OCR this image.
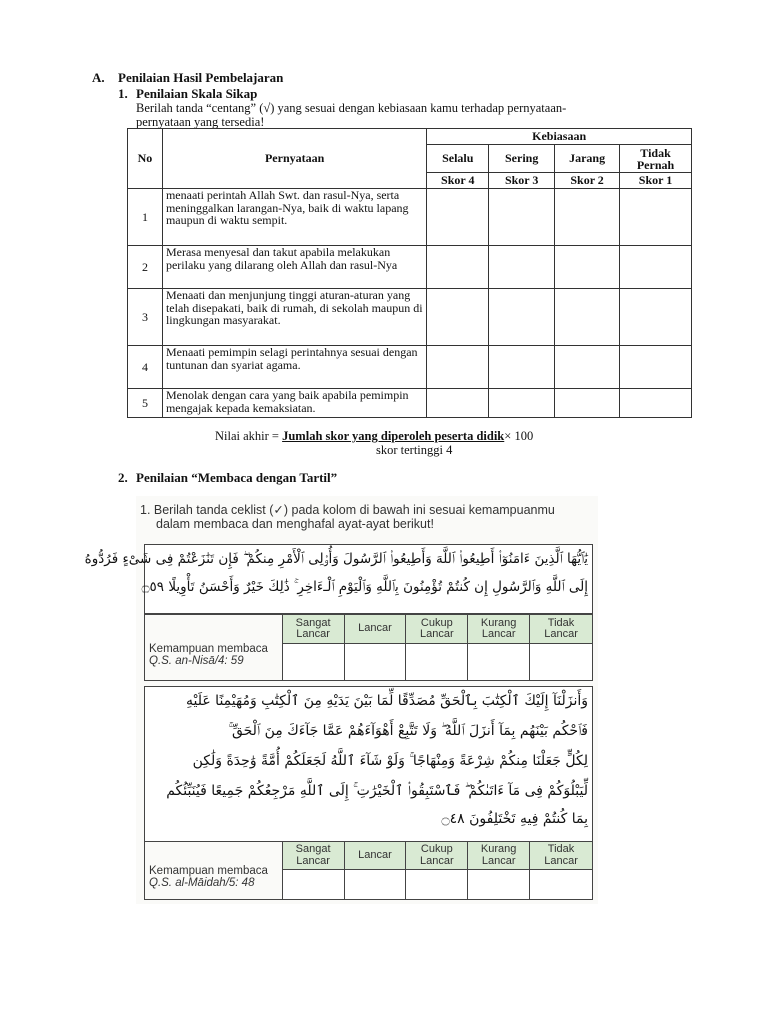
A. Penilaian Hasil Pembelajaran
1. Penilaian Skala Sikap
Berilah tanda “centang” (√) yang sesuai dengan kebiasaan kamu terhadap pernyataan-
pernyataan yang tersedia!
No	Pernyataan	Kebiasaan			
		Selalu	Sering	Jarang	Tidak Pernah
		Skor 4	Skor 3	Skor 2	Skor 1
1	menaati perintah Allah Swt. dan rasul-Nya, serta meninggalkan larangan-Nya, baik di waktu lapang maupun di waktu sempit.				
2	Merasa menyesal dan takut apabila melakukan perilaku yang dilarang oleh Allah dan rasul-Nya				
3	Menaati dan menjunjung tinggi aturan-aturan yang telah disepakati, baik di rumah, di sekolah maupun di lingkungan masyarakat.				
4	Menaati pemimpin selagi perintahnya sesuai dengan tuntunan dan syariat agama.				
5	Menolak dengan cara yang baik apabila pemimpin mengajak kepada kemaksiatan.				
Nilai akhir = Jumlah skor yang diperoleh peserta didik× 100
skor tertinggi 4
2. Penilaian “Membaca dengan Tartil”
1. Berilah tanda ceklist (✓) pada kolom di bawah ini sesuai kemampuanmu
dalam membaca dan menghafal ayat-ayat berikut!
يَٰٱيُّهَا ٱلَّذِينَ ءَامَنُوٓا۟ أَطِيعُوا۟ ٱللَّهَ وَأَطِيعُوا۟ ٱلرَّسُولَ وَأُو۟لِى ٱلْأَمْرِ مِنكُمْ ۖ فَإِن تَنَٰزَعْتُمْ فِى شَىْءٍ فَرُدُّوهُ
إِلَى ٱللَّهِ وَٱلرَّسُولِ إِن كُنتُمْ تُؤْمِنُونَ بِٱللَّهِ وَٱلْيَوْمِ ٱلْـءَاخِرِ ۚ ذَٰلِكَ خَيْرٌ وَأَحْسَنُ تَأْوِيلًا ۝٥٩
Kemampuan membaca
Q.S. an-Nisā/4: 59	Sangat Lancar	Lancar	Cukup Lancar	Kurang Lancar	Tidak Lancar

وَأَنزَلْنَآ إِلَيْكَ ٱلْكِتَٰبَ بِٱلْحَقِّ مُصَدِّقًا لِّمَا بَيْنَ يَدَيْهِ مِنَ ٱلْكِتَٰبِ وَمُهَيْمِنًا عَلَيْهِ
فَٱحْكُم بَيْنَهُم بِمَآ أَنزَلَ ٱللَّهُ ۖ وَلَا تَتَّبِعْ أَهْوَآءَهُمْ عَمَّا جَآءَكَ مِنَ ٱلْحَقِّ ۚ
لِكُلٍّ جَعَلْنَا مِنكُمْ شِرْعَةً وَمِنْهَاجًا ۚ وَلَوْ شَآءَ ٱللَّهُ لَجَعَلَكُمْ أُمَّةً وَٰحِدَةً وَلَٰكِن
لِّيَبْلُوَكُمْ فِى مَآ ءَاتَىٰكُمْ ۖ فَٱسْتَبِقُوا۟ ٱلْخَيْرَٰتِ ۚ إِلَى ٱللَّهِ مَرْجِعُكُمْ جَمِيعًا فَيُنَبِّئُكُم
بِمَا كُنتُمْ فِيهِ تَخْتَلِفُونَ ۝٤٨
Kemampuan membaca
Q.S. al-Māidah/5: 48	Sangat Lancar	Lancar	Cukup Lancar	Kurang Lancar	Tidak Lancar
